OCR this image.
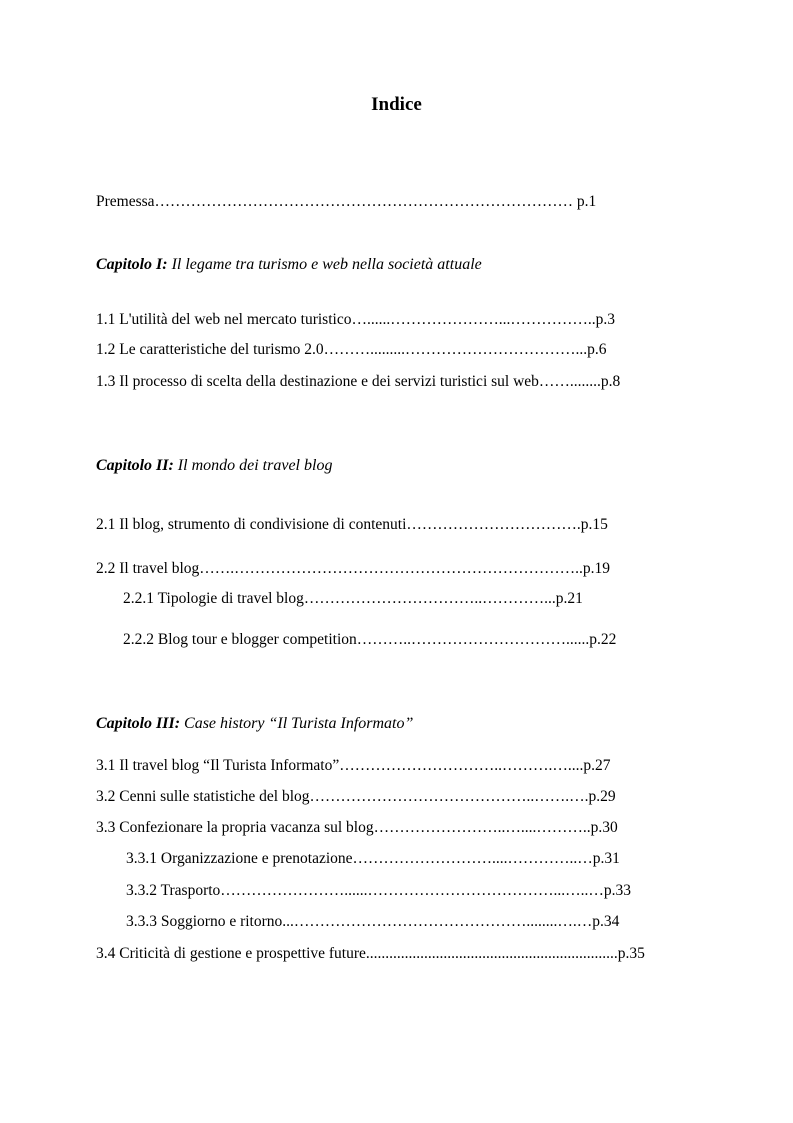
Indice
Premessa……………………………………………………………………… p.1
Capitolo I: Il legame tra turismo e web nella società attuale
1.1 L'utilità del web nel mercato turistico…......…………………...……………..p.3
1.2 Le caratteristiche del turismo 2.0……….........……………………………...p.6
1.3 Il processo di scelta della destinazione e dei servizi turistici sul web……........p.8
Capitolo II: Il mondo dei travel blog
2.1 Il blog, strumento di condivisione di contenuti…………………………….p.15
2.2 Il travel blog…….…………………………………………………………..p.19
2.2.1 Tipologie di travel blog……………………………..…………...p.21
2.2.2 Blog tour e blogger competition………..…………………………......p.22
Capitolo III: Case history “Il Turista Informato”
3.1 Il travel blog “Il Turista Informato”…………………………..……….…....p.27
3.2 Cenni sulle statistiche del blog……………………………………..…….….p.29
3.3 Confezionare la propria vacanza sul blog……………………..…....………..p.30
3.3.1 Organizzazione e prenotazione………………………....…………..…p.31
3.3.2 Trasporto……………………......………………………………...…..…p.33
3.3.3 Soggiorno e ritorno...………………………………………........….…p.34
3.4 Criticità di gestione e prospettive future.................................................................p.35
